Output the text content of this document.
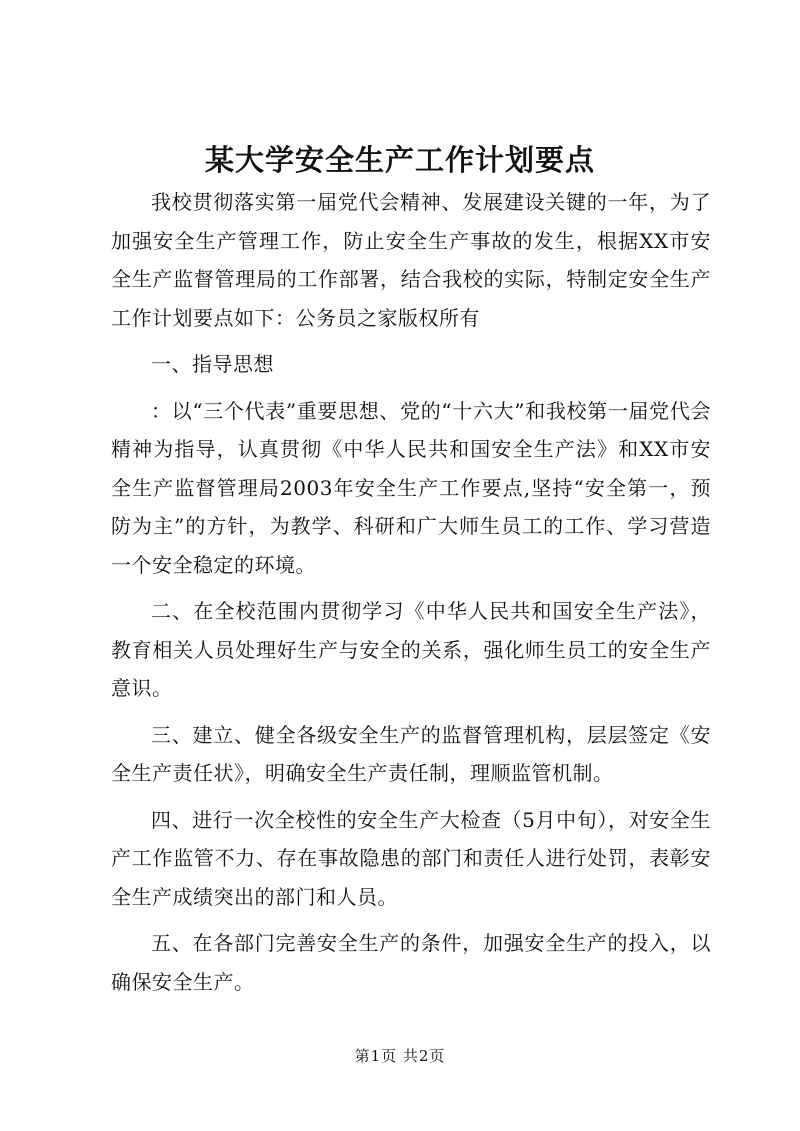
某大学安全生产工作计划要点

我校贯彻落实第一届党代会精神、发展建设关键的一年，为了加强安全生产管理工作，防止安全生产事故的发生，根据XX市安全生产监督管理局的工作部署，结合我校的实际，特制定安全生产工作计划要点如下：公务员之家版权所有

一、指导思想

：以“三个代表”重要思想、党的“十六大”和我校第一届党代会精神为指导，认真贯彻《中华人民共和国安全生产法》和XX市安全生产监督管理局2003年安全生产工作要点,坚持“安全第一，预防为主”的方针，为教学、科研和广大师生员工的工作、学习营造一个安全稳定的环境。

二、在全校范围内贯彻学习《中华人民共和国安全生产法》，教育相关人员处理好生产与安全的关系，强化师生员工的安全生产意识。

三、建立、健全各级安全生产的监督管理机构，层层签定《安全生产责任状》，明确安全生产责任制，理顺监管机制。

四、进行一次全校性的安全生产大检查（5月中旬），对安全生产工作监管不力、存在事故隐患的部门和责任人进行处罚，表彰安全生产成绩突出的部门和人员。

五、在各部门完善安全生产的条件，加强安全生产的投入，以确保安全生产。

第1页 共2页
